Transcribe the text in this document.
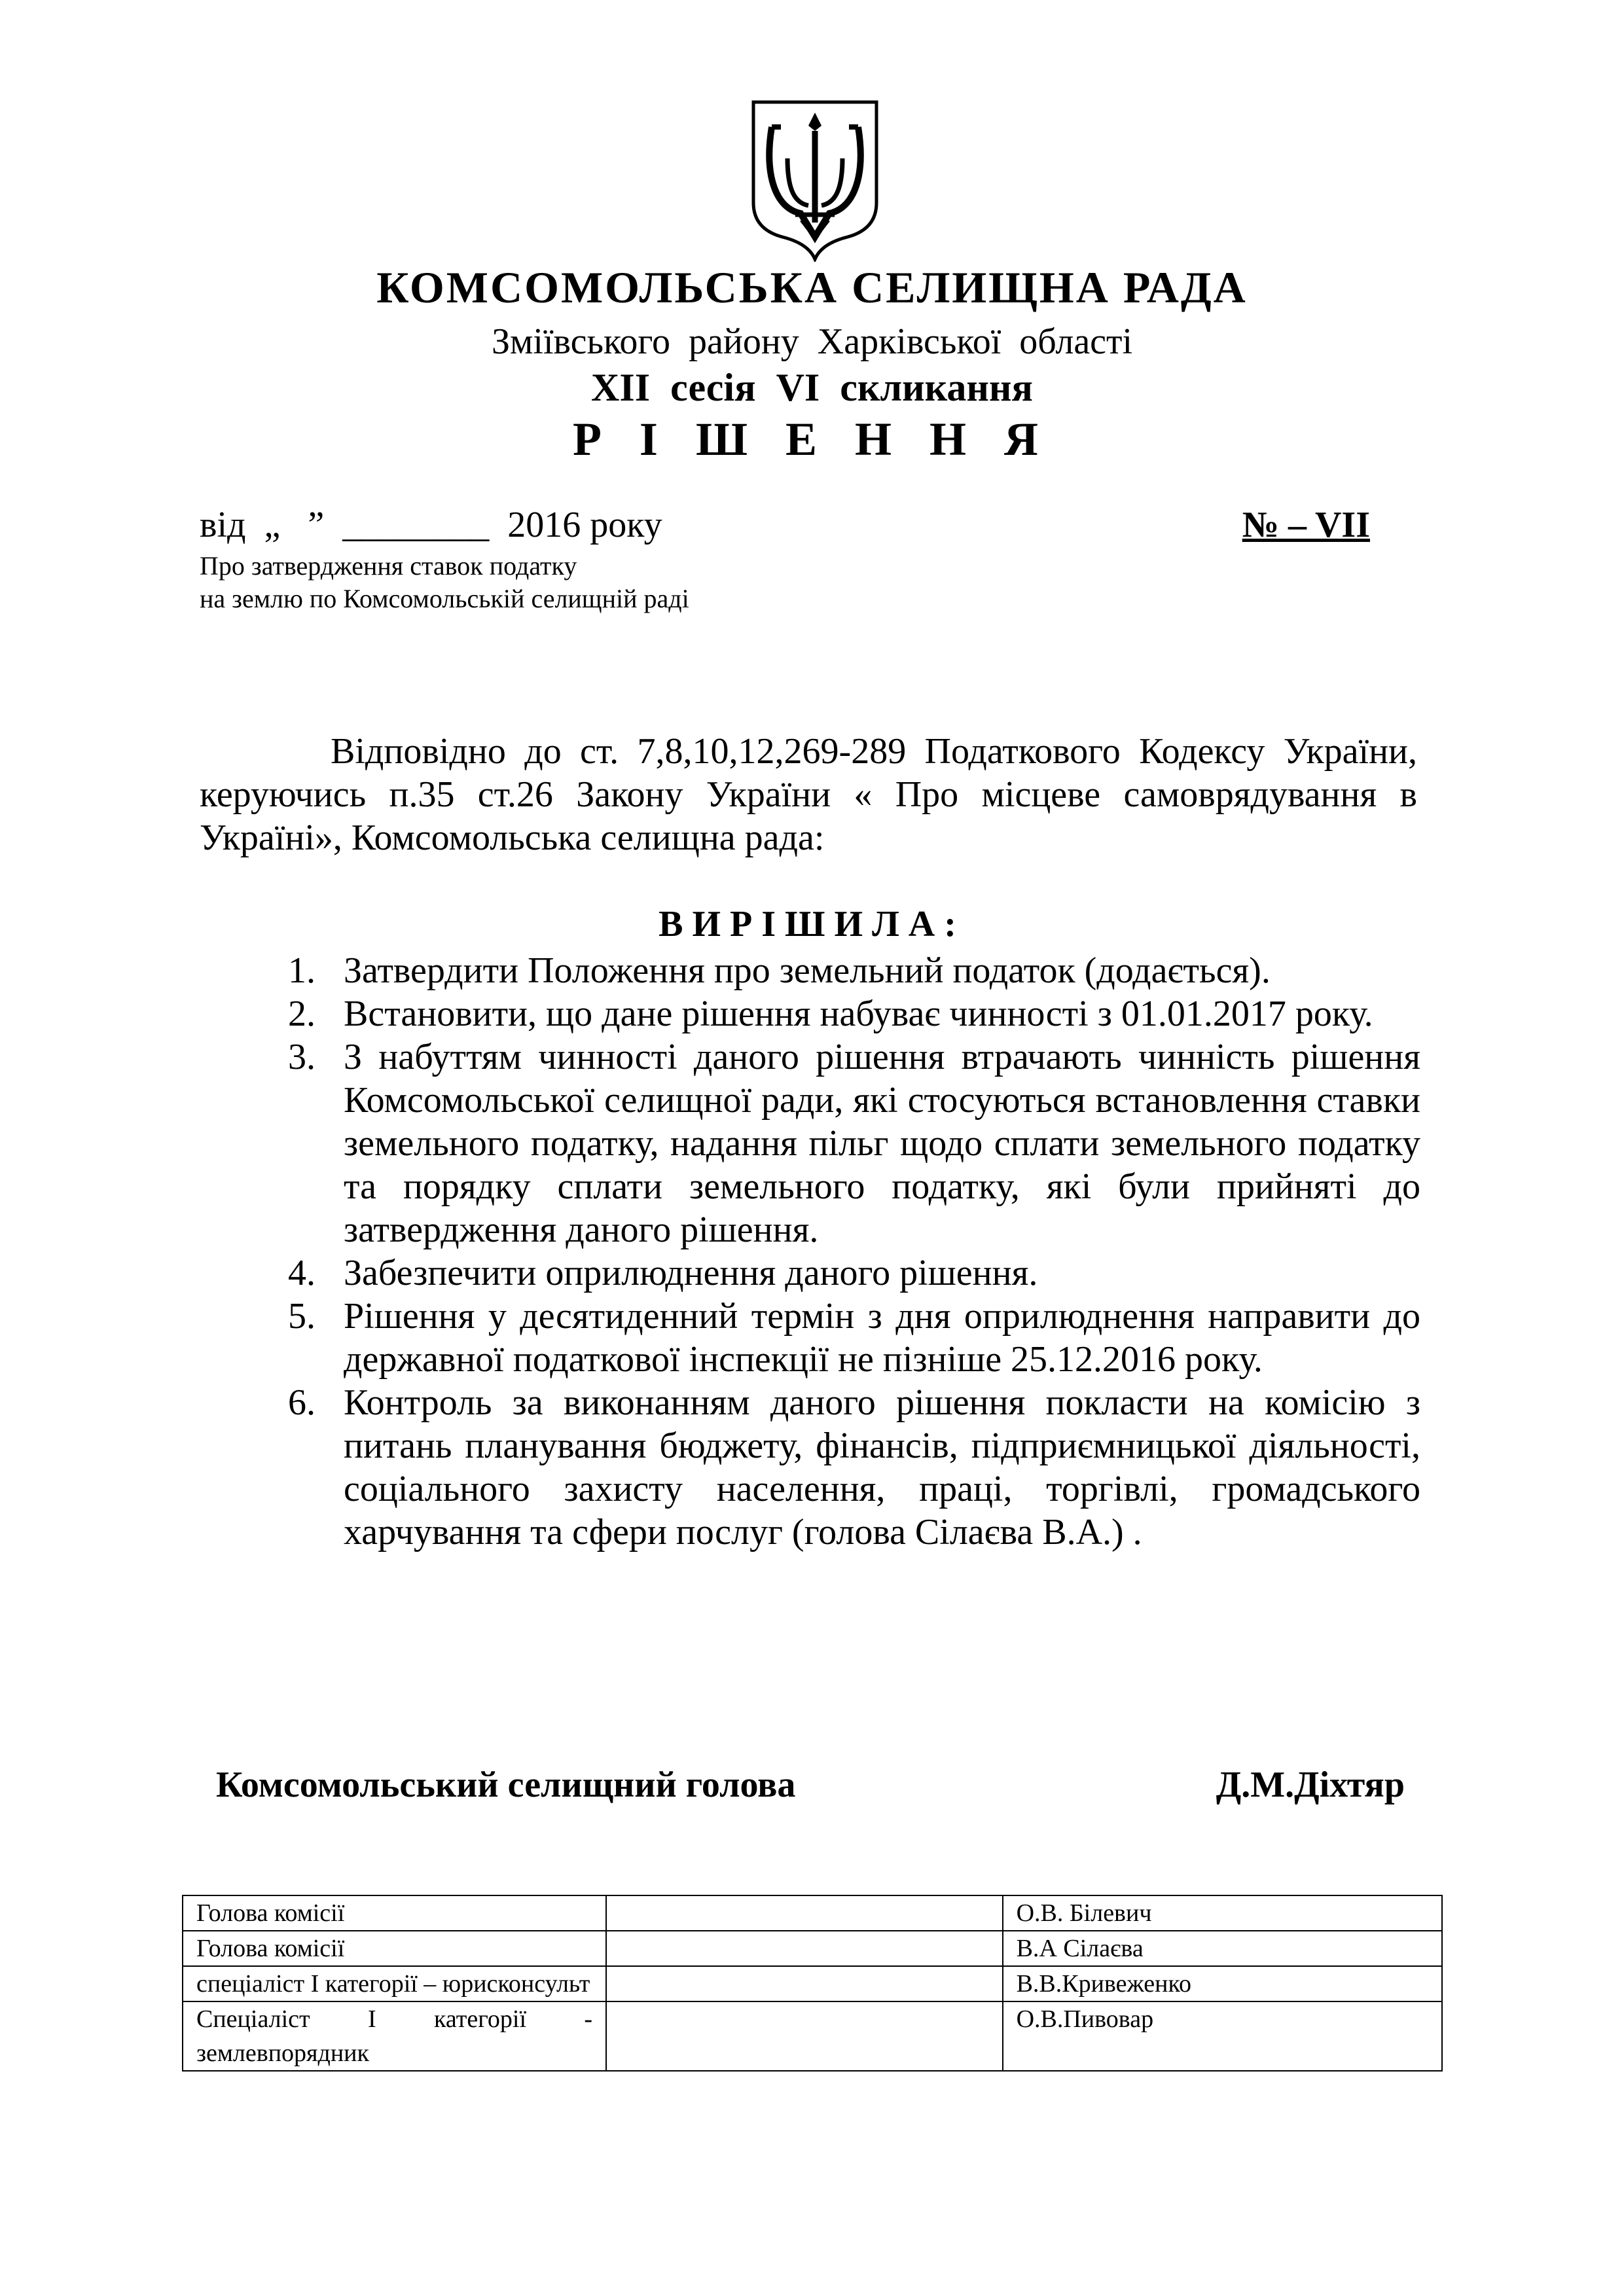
КОМСОМОЛЬСЬКА СЕЛИЩНА РАДА
Зміївського району Харківської області
XII сесія VI скликання
Р І Ш Е Н Н Я
від  „   ”  ________  2016 року	№ – VII
Про затвердження ставок податку
на землю по Комсомольській селищній раді

Відповідно до ст. 7,8,10,12,269-289 Податкового Кодексу України, керуючись п.35 ст.26 Закону України « Про місцеве самоврядування в Україні», Комсомольська селищна рада:

ВИРІШИЛА:
1. Затвердити Положення про земельний податок (додається).
2. Встановити, що дане рішення набуває чинності з 01.01.2017 року.
3. З набуттям чинності даного рішення втрачають чинність рішення Комсомольської селищної ради, які стосуються встановлення ставки земельного податку, надання пільг щодо сплати земельного податку та порядку сплати земельного податку, які були прийняті до затвердження даного рішення.
4. Забезпечити оприлюднення даного рішення.
5. Рішення у десятиденний термін з дня оприлюднення направити до державної податкової інспекції не пізніше 25.12.2016 року.
6. Контроль за виконанням даного рішення покласти на комісію з питань планування бюджету, фінансів, підприємницької діяльності, соціального захисту населення, праці, торгівлі, громадського харчування та сфери послуг (голова Сілаєва В.А.) .
Комсомольський селищний голова	Д.М.Діхтяр
Голова комісії		О.В. Білевич
Голова комісії		В.А Сілаєва
спеціаліст I категорії – юрисконсульт		В.В.Кривеженко
Спеціаліст I категорії - землевпорядник		О.В.Пивовар
